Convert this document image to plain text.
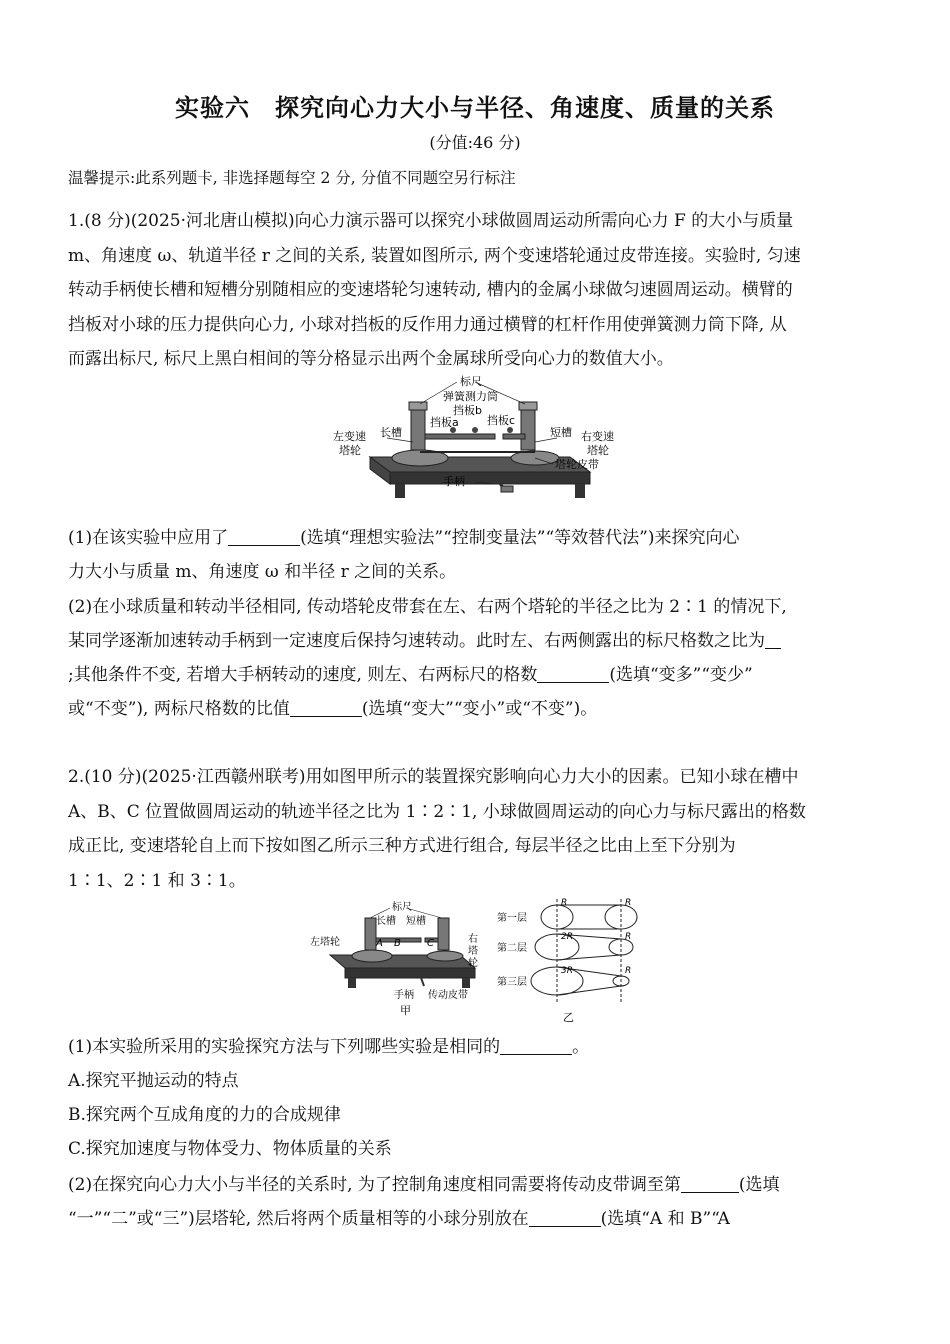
实验六　探究向心力大小与半径、角速度、质量的关系
(分值:46 分)
温馨提示:此系列题卡, 非选择题每空 2 分, 分值不同题空另行标注
1.(8 分)(2025·河北唐山模拟)向心力演示器可以探究小球做圆周运动所需向心力 F 的大小与质量
m、角速度 ω、轨道半径 r 之间的关系, 装置如图所示, 两个变速塔轮通过皮带连接。实验时, 匀速
转动手柄使长槽和短槽分别随相应的变速塔轮匀速转动, 槽内的金属小球做匀速圆周运动。横臂的
挡板对小球的压力提供向心力, 小球对挡板的反作用力通过横臂的杠杆作用使弹簧测力筒下降, 从
而露出标尺, 标尺上黑白相间的等分格显示出两个金属球所受向心力的数值大小。
标尺
弹簧测力筒
挡板b
挡板a	挡板c
长槽	短槽
左变速
塔轮
右变速
塔轮
塔轮皮带
手柄
(1)在该实验中应用了	(选填“理想实验法”“控制变量法”“等效替代法”)来探究向心
力大小与质量 m、角速度 ω 和半径 r 之间的关系。
(2)在小球质量和转动半径相同, 传动塔轮皮带套在左、右两个塔轮的半径之比为 2∶1 的情况下,
某同学逐渐加速转动手柄到一定速度后保持匀速转动。此时左、右两侧露出的标尺格数之比为
;其他条件不变, 若增大手柄转动的速度, 则左、右两标尺的格数	(选填“变多”“变少”
或“不变”), 两标尺格数的比值	(选填“变大”“变小”或“不变”)。
2.(10 分)(2025·江西赣州联考)用如图甲所示的装置探究影响向心力大小的因素。已知小球在槽中
A、B、C 位置做圆周运动的轨迹半径之比为 1∶2∶1, 小球做圆周运动的向心力与标尺露出的格数
成正比, 变速塔轮自上而下按如图乙所示三种方式进行组合, 每层半径之比由上至下分别为
1∶1、2∶1 和 3∶1。
标尺
长槽 短槽
左塔轮	A B	C	右
塔
轮
手柄 传动皮带
甲
第一层
第二层
第三层
R	R
2R	R
3R	R
乙
(1)本实验所采用的实验探究方法与下列哪些实验是相同的	。
A.探究平抛运动的特点
B.探究两个互成角度的力的合成规律
C.探究加速度与物体受力、物体质量的关系
(2)在探究向心力大小与半径的关系时, 为了控制角速度相同需要将传动皮带调至第	(选填
“一”“二”或“三”)层塔轮, 然后将两个质量相等的小球分别放在	(选填“A 和 B”“A
